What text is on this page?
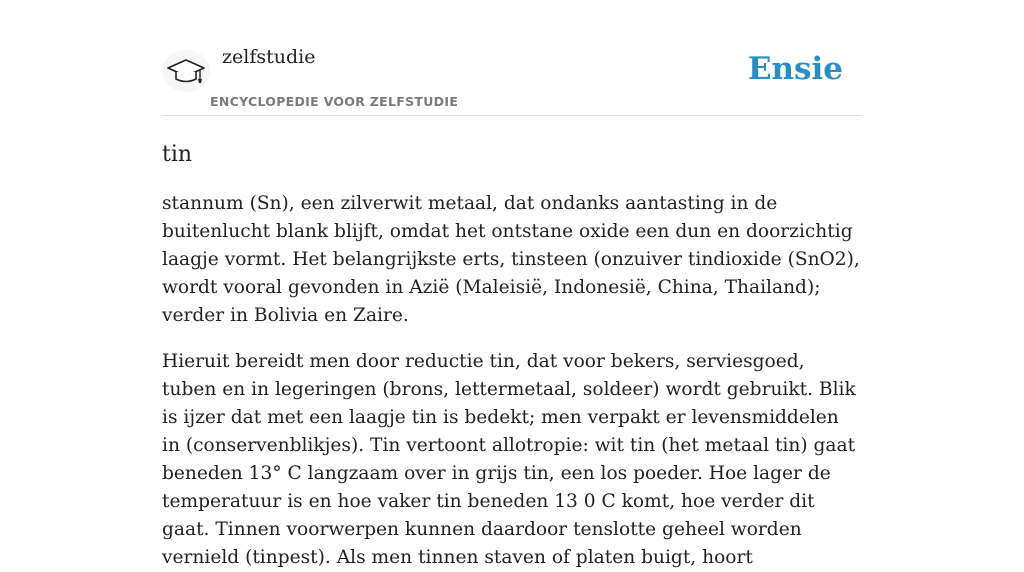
zelfstudie
ENCYCLOPEDIE VOOR ZELFSTUDIE
Ensie
tin

stannum (Sn), een zilverwit metaal, dat ondanks aantasting in de buitenlucht blank blijft, omdat het ontstane oxide een dun en doorzichtig laagje vormt. Het belangrijkste erts, tinsteen (onzuiver tindioxide (SnO2), wordt vooral gevonden in Azië (Maleisië, Indonesië, China, Thailand); verder in Bolivia en Zaire.

Hieruit bereidt men door reductie tin, dat voor bekers, serviesgoed, tuben en in legeringen (brons, lettermetaal, soldeer) wordt gebruikt. Blik is ijzer dat met een laagje tin is bedekt; men verpakt er levensmiddelen in (conservenblikjes). Tin vertoont allotropie: wit tin (het metaal tin) gaat beneden 13° C langzaam over in grijs tin, een los poeder. Hoe lager de temperatuur is en hoe vaker tin beneden 13 0 C komt, hoe verder dit gaat. Tinnen voorwerpen kunnen daardoor tenslotte geheel worden vernield (tinpest). Als men tinnen staven of platen buigt, hoort
